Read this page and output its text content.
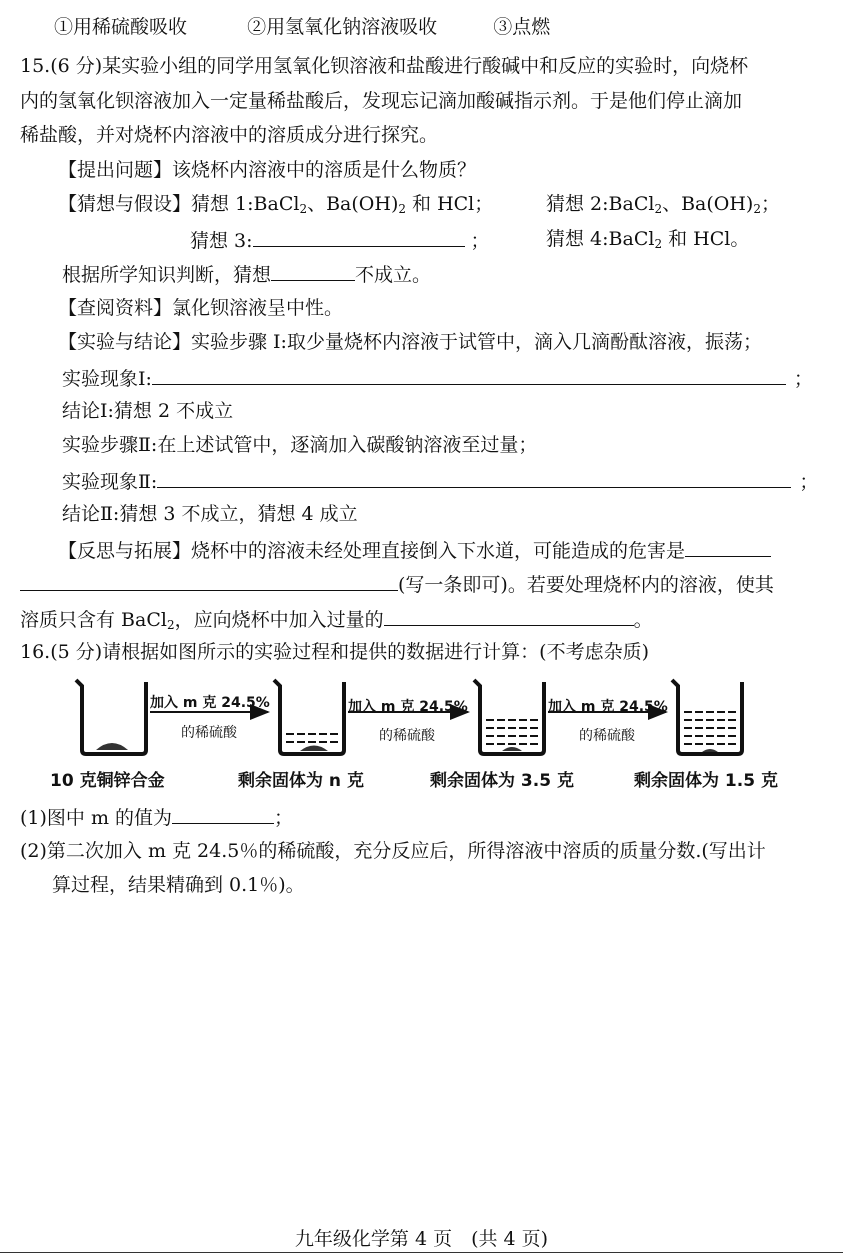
①用稀硫酸吸收	②用氢氧化钠溶液吸收	③点燃
15.(6 分)某实验小组的同学用氢氧化钡溶液和盐酸进行酸碱中和反应的实验时，向烧杯
内的氢氧化钡溶液加入一定量稀盐酸后，发现忘记滴加酸碱指示剂。于是他们停止滴加
稀盐酸，并对烧杯内溶液中的溶质成分进行探究。
【提出问题】该烧杯内溶液中的溶质是什么物质？
【猜想与假设】猜想 1:BaCl$_2$、$Ba(OH)_2$ 和 HCl；	猜想 2:BaCl$_2$、$Ba(OH)_2$；
猜想 3:	；	猜想 4:BaCl$_2$ 和 HCl。
根据所学知识判断，猜想	不成立。
【查阅资料】氯化钡溶液呈中性。
【实验与结论】实验步骤 I:取少量烧杯内溶液于试管中，滴入几滴酚酞溶液，振荡；
实验现象Ⅰ:	；
结论Ⅰ:猜想 2 不成立
实验步骤Ⅱ:在上述试管中，逐滴加入碳酸钠溶液至过量；
实验现象Ⅱ:	；
结论Ⅱ:猜想 3 不成立，猜想 4 成立
【反思与拓展】烧杯中的溶液未经处理直接倒入下水道，可能造成的危害是
(写一条即可)。若要处理烧杯内的溶液，使其
溶质只含有 BaCl$_2$，应向烧杯中加入过量的	。
16.(5 分)请根据如图所示的实验过程和提供的数据进行计算：(不考虑杂质)
加入 m 克 24.5%
的稀硫酸
加入 m 克 24.5%
的稀硫酸
加入 m 克 24.5%
的稀硫酸
10 克铜锌合金	剩余固体为 n 克	剩余固体为 3.5 克	剩余固体为 1.5 克
(1)图中 m 的值为	；
(2)第二次加入 m 克 24.5％的稀硫酸，充分反应后，所得溶液中溶质的质量分数.(写出计
算过程，结果精确到 0.1％)。
九年级化学第 4 页　(共 4 页)
